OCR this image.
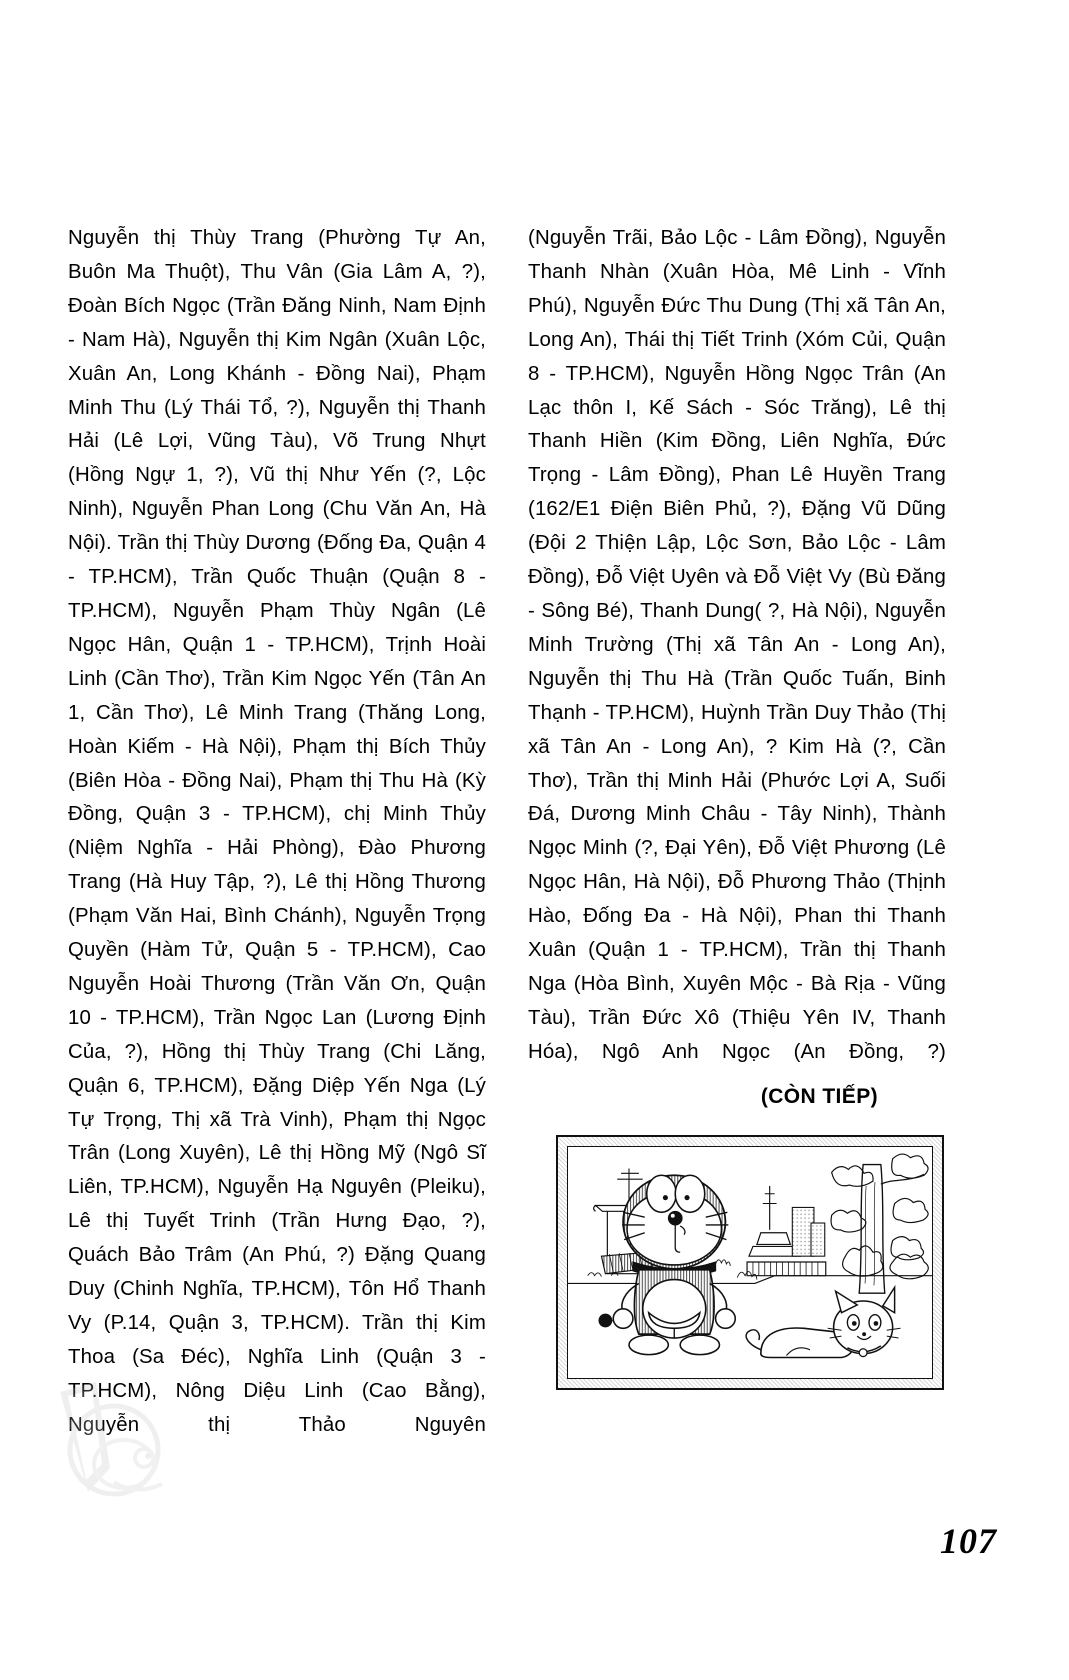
Nguyễn thị Thùy Trang (Phường Tự An, Buôn Ma Thuột), Thu Vân (Gia Lâm A, ?), Đoàn Bích Ngọc (Trần Đăng Ninh, Nam Định - Nam Hà), Nguyễn thị Kim Ngân (Xuân Lộc, Xuân An, Long Khánh - Đồng Nai), Phạm Minh Thu (Lý Thái Tổ, ?), Nguyễn thị Thanh Hải (Lê Lợi, Vũng Tàu), Võ Trung Nhựt (Hồng Ngự 1, ?), Vũ thị Như Yến (?, Lộc Ninh), Nguyễn Phan Long (Chu Văn An, Hà Nội). Trần thị Thùy Dương (Đống Đa, Quận 4 - TP.HCM), Trần Quốc Thuận (Quận 8 - TP.HCM), Nguyễn Phạm Thùy Ngân (Lê Ngọc Hân, Quận 1 - TP.HCM), Trịnh Hoài Linh (Cần Thơ), Trần Kim Ngọc Yến (Tân An 1, Cần Thơ), Lê Minh Trang (Thăng Long, Hoàn Kiếm - Hà Nội), Phạm thị Bích Thủy (Biên Hòa - Đồng Nai), Phạm thị Thu Hà (Kỳ Đồng, Quận 3 - TP.HCM), chị Minh Thủy (Niệm Nghĩa - Hải Phòng), Đào Phương Trang (Hà Huy Tập, ?), Lê thị Hồng Thương (Phạm Văn Hai, Bình Chánh), Nguyễn Trọng Quyền (Hàm Tử, Quận 5 - TP.HCM), Cao Nguyễn Hoài Thương (Trần Văn Ơn, Quận 10 - TP.HCM), Trần Ngọc Lan (Lương Định Của, ?), Hồng thị Thùy Trang (Chi Lăng, Quận 6, TP.HCM), Đặng Diệp Yến Nga (Lý Tự Trọng, Thị xã Trà Vinh), Phạm thị Ngọc Trân (Long Xuyên), Lê thị Hồng Mỹ (Ngô Sĩ Liên, TP.HCM), Nguyễn Hạ Nguyên (Pleiku), Lê thị Tuyết Trinh (Trần Hưng Đạo, ?), Quách Bảo Trâm (An Phú, ?) Đặng Quang Duy (Chinh Nghĩa, TP.HCM), Tôn Hổ Thanh Vy (P.14, Quận 3, TP.HCM). Trần thị Kim Thoa (Sa Đéc), Nghĩa Linh (Quận 3 - TP.HCM), Nông Diệu Linh (Cao Bằng), Nguyễn thị Thảo Nguyên

(Nguyễn Trãi, Bảo Lộc - Lâm Đồng), Nguyễn Thanh Nhàn (Xuân Hòa, Mê Linh - Vĩnh Phú), Nguyễn Đức Thu Dung (Thị xã Tân An, Long An), Thái thị Tiết Trinh (Xóm Củi, Quận 8 - TP.HCM), Nguyễn Hồng Ngọc Trân (An Lạc thôn I, Kế Sách - Sóc Trăng), Lê thị Thanh Hiền (Kim Đồng, Liên Nghĩa, Đức Trọng - Lâm Đồng), Phan Lê Huyền Trang (162/E1 Điện Biên Phủ, ?), Đặng Vũ Dũng (Đội 2 Thiện Lập, Lộc Sơn, Bảo Lộc - Lâm Đồng), Đỗ Việt Uyên và Đỗ Việt Vy (Bù Đăng - Sông Bé), Thanh Dung( ?, Hà Nội), Nguyễn Minh Trường (Thị xã Tân An - Long An), Nguyễn thị Thu Hà (Trần Quốc Tuấn, Binh Thạnh - TP.HCM), Huỳnh Trần Duy Thảo (Thị xã Tân An - Long An), ? Kim Hà (?, Cần Thơ), Trần thị Minh Hải (Phước Lợi A, Suối Đá, Dương Minh Châu - Tây Ninh), Thành Ngọc Minh (?, Đại Yên), Đỗ Việt Phương (Lê Ngọc Hân, Hà Nội), Đỗ Phương Thảo (Thịnh Hào, Đống Đa - Hà Nội), Phan thi Thanh Xuân (Quận 1 - TP.HCM), Trần thị Thanh Nga (Hòa Bình, Xuyên Mộc - Bà Rịa - Vũng Tàu), Trần Đức Xô (Thiệu Yên IV, Thanh Hóa), Ngô Anh Ngọc (An Đồng, ?)

(CÒN TIẾP)
107
